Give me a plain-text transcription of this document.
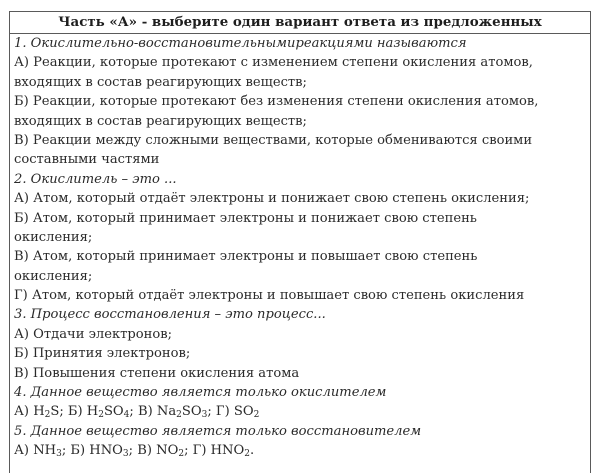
Часть «А» - выберите один вариант ответа из предложенных
1. Окислительно-восстановительнымиреакциями называются
А) Реакции, которые протекают с изменением степени окисления атомов,
входящих в состав реагирующих веществ;
Б) Реакции, которые протекают без изменения степени окисления атомов,
входящих в состав реагирующих веществ;
В) Реакции между сложными веществами, которые обмениваются своими
составными частями
2. Окислитель – это ...
А) Атом, который отдаёт электроны и понижает свою степень окисления;
Б) Атом, который принимает электроны и понижает свою степень
окисления;
В) Атом, который принимает электроны и повышает свою степень
окисления;
Г) Атом, который отдаёт электроны и повышает свою степень окисления
3. Процесс восстановления – это процесс...
А) Отдачи электронов;
Б) Принятия электронов;
В) Повышения степени окисления атома
4. Данное вещество является только окислителем
А) $H_2S$; Б) $H_2SO_4$; В) $Na_2SO_3$; Г) $SO_2$
5. Данное вещество является только восстановителем
А) $NH_3$; Б) $HNO_3$; В) $NO_2$; Г) $HNO_2$.
